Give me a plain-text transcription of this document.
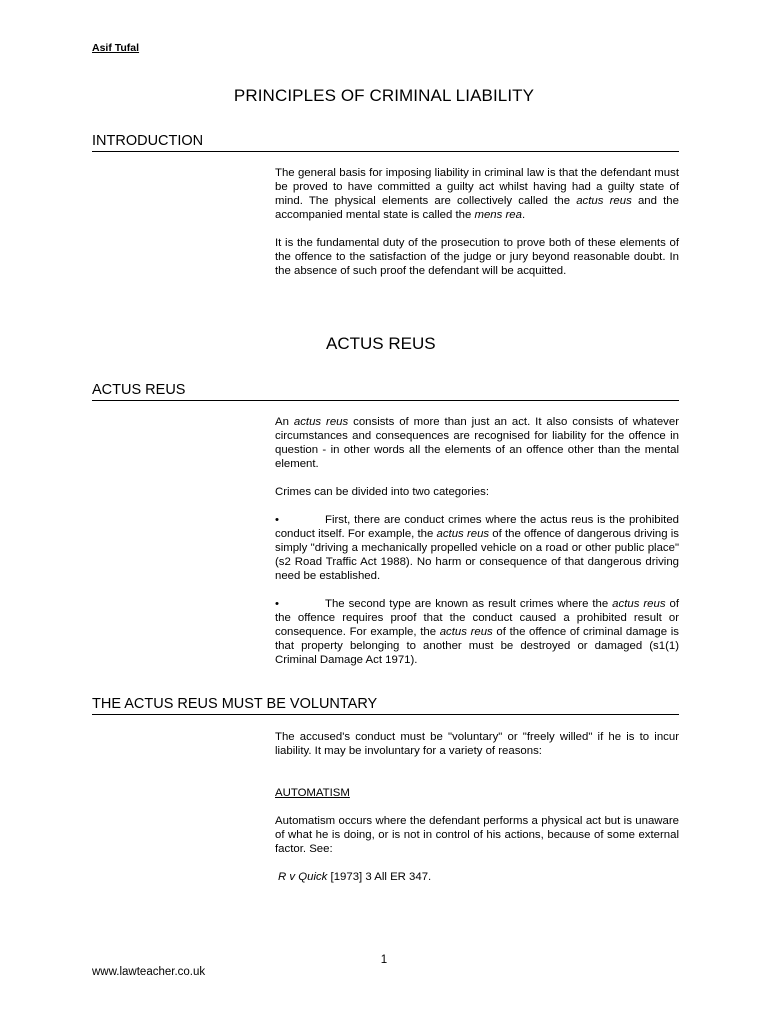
Asif Tufal
PRINCIPLES OF CRIMINAL LIABILITY
INTRODUCTION

The general basis for imposing liability in criminal law is that the defendant must be proved to have committed a guilty act whilst having had a guilty state of mind. The physical elements are collectively called the actus reus and the accompanied mental state is called the mens rea.

It is the fundamental duty of the prosecution to prove both of these elements of the offence to the satisfaction of the judge or jury beyond reasonable doubt. In the absence of such proof the defendant will be acquitted.

ACTUS REUS
ACTUS REUS

An actus reus consists of more than just an act. It also consists of whatever circumstances and consequences are recognised for liability for the offence in question - in other words all the elements of an offence other than the mental element.

Crimes can be divided into two categories:

•	First, there are conduct crimes where the actus reus is the prohibited conduct itself. For example, the actus reus of the offence of dangerous driving is simply "driving a mechanically propelled vehicle on a road or other public place" (s2 Road Traffic Act 1988). No harm or consequence of that dangerous driving need be established.

•	The second type are known as result crimes where the actus reus of the offence requires proof that the conduct caused a prohibited result or consequence. For example, the actus reus of the offence of criminal damage is that property belonging to another must be destroyed or damaged (s1(1) Criminal Damage Act 1971).

THE ACTUS REUS MUST BE VOLUNTARY

The accused's conduct must be "voluntary" or "freely willed" if he is to incur liability. It may be involuntary for a variety of reasons:

AUTOMATISM

Automatism occurs where the defendant performs a physical act but is unaware of what he is doing, or is not in control of his actions, because of some external factor. See:

R v Quick [1973] 3 All ER 347.

1
www.lawteacher.co.uk
